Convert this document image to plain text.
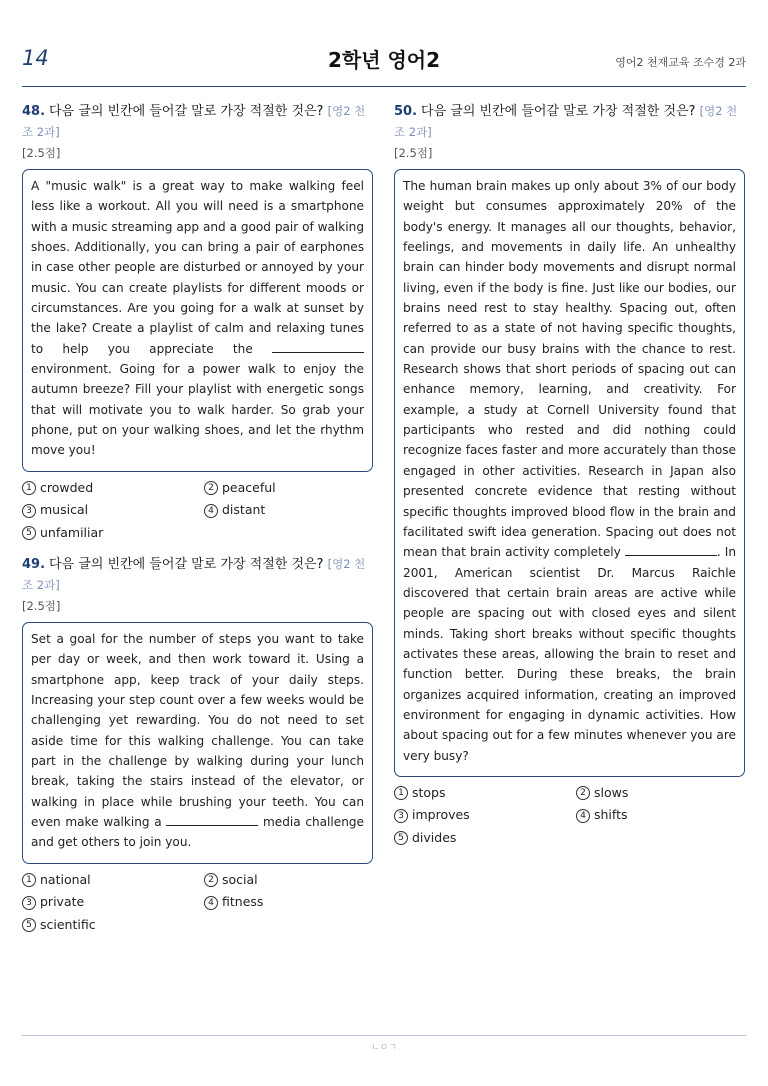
14	2학년 영어2	영어2 천재교육 조수경 2과
48. 다음 글의 빈칸에 들어갈 말로 가장 적절한 것은? [영2 천조 2과]
[2.5점]
A "music walk" is a great way to make walking feel less like a workout. All you will need is a smartphone with a music streaming app and a good pair of walking shoes. Additionally, you can bring a pair of earphones in case other people are disturbed or annoyed by your music. You can create playlists for different moods or circumstances. Are you going for a walk at sunset by the lake? Create a playlist of calm and relaxing tunes to help you appreciate the  environment. Going for a power walk to enjoy the autumn breeze? Fill your playlist with energetic songs that will motivate you to walk harder. So grab your phone, put on your walking shoes, and let the rhythm move you!
1 crowded	2 peaceful
3 musical	4 distant
5 unfamiliar
49. 다음 글의 빈칸에 들어갈 말로 가장 적절한 것은? [영2 천조 2과]
[2.5점]
Set a goal for the number of steps you want to take per day or week, and then work toward it. Using a smartphone app, keep track of your daily steps. Increasing your step count over a few weeks would be challenging yet rewarding. You do not need to set aside time for this walking challenge. You can take part in the challenge by walking during your lunch break, taking the stairs instead of the elevator, or walking in place while brushing your teeth. You can even make walking a	media challenge and get others to join you.
1 national	2 social
3 private	4 fitness
5 scientific
50. 다음 글의 빈칸에 들어갈 말로 가장 적절한 것은? [영2 천조 2과]
[2.5점]
The human brain makes up only about 3% of our body weight but consumes approximately 20% of the body's energy. It manages all our thoughts, behavior, feelings, and movements in daily life. An unhealthy brain can hinder body movements and disrupt normal living, even if the body is fine. Just like our bodies, our brains need rest to stay healthy. Spacing out, often referred to as a state of not having specific thoughts, can provide our busy brains with the chance to rest. Research shows that short periods of spacing out can enhance memory, learning, and creativity. For example, a study at Cornell University found that participants who rested and did nothing could recognize faces faster and more accurately than those engaged in other activities. Research in Japan also presented concrete evidence that resting without specific thoughts improved blood flow in the brain and facilitated swift idea generation. Spacing out does not mean that brain activity completely	. In 2001, American scientist Dr. Marcus Raichle discovered that certain brain areas are active while people are spacing out with closed eyes and silent minds. Taking short breaks without specific thoughts activates these areas, allowing the brain to reset and function better. During these breaks, the brain organizes acquired information, creating an improved environment for engaging in dynamic activities. How about spacing out for a few minutes whenever you are very busy?
1 stops	2 slows
3 improves	4 shifts
5 divides
ㄴㅇㄱ
